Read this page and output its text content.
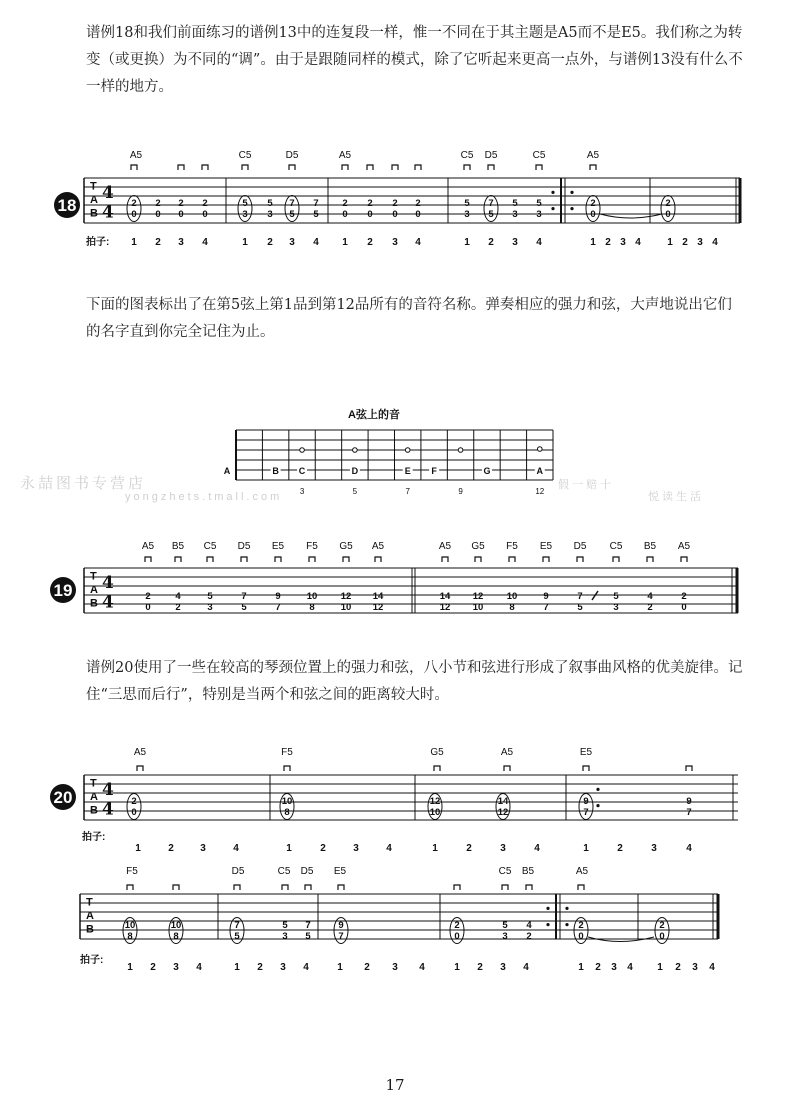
谱例18和我们前面练习的谱例13中的连复段一样，惟一不同在于其主题是A5而不是E5。我们称之为转变（或更换）为不同的“调”。由于是跟随同样的模式，除了它听起来更高一点外，与谱例13没有什么不一样的地方。
下面的图表标出了在第5弦上第1品到第12品所有的音符名称。弹奏相应的强力和弦，大声地说出它们的名字直到你完全记住为止。
谱例20使用了一些在较高的琴颈位置上的强力和弦，八小节和弦进行形成了叙事曲风格的优美旋律。记住“三思而后行”，特别是当两个和弦之间的距离较大时。
永喆图书专营店
yongzhets.tmall.com
假一赔十
悦读生活
18
T
A
B
4
4 2
0
2
0
2
0
2
0
5
3
5
3
7
5
7
5
2
0
2
0
2
0
2
0
5
3
7
5
5
3
5
3
2
0
2
0
A5	C5	D5	A5	C5 D5	C5	A5
拍子: 1 2 3 4	1 2 3 4 1 2 3 4	1 2 3 4	1 2 3 4	1 2 3 4
A弦上的音
A	B C	D	E F	G	A
3	5	7	9	12
19
T
A
B
4
4	2
0
A5
4
2
B5
5
3
C5
7
5
D5
9
7
E5
10
8
F5
12
10
G5
14
12
A5
14
12
A5
12
10
G5
10
8
F5
9
7
E5
7
5
D5
5
3
C5
4
2
B5
2
0
A5
20
T
A
B
4
4 2
0
10
8
12
10
14
12
9
7
9
7
A5	F5	G5	A5	E5
拍子:
1	2	3	4	1	2	3	4	1	2	3	4	1	2	3	4
T
A
B	10
8
10
8
7
5
5
3
7
5
9
7
2
0
5
3
4
2
2
0
2
0
F5	D5	C5 D5 E5	C5 B5	A5
拍子:
1 2 3 4	1 2 3 4	1 2 3 4	1 2 3 4	1 2 3 4 1 2 3 4
17
